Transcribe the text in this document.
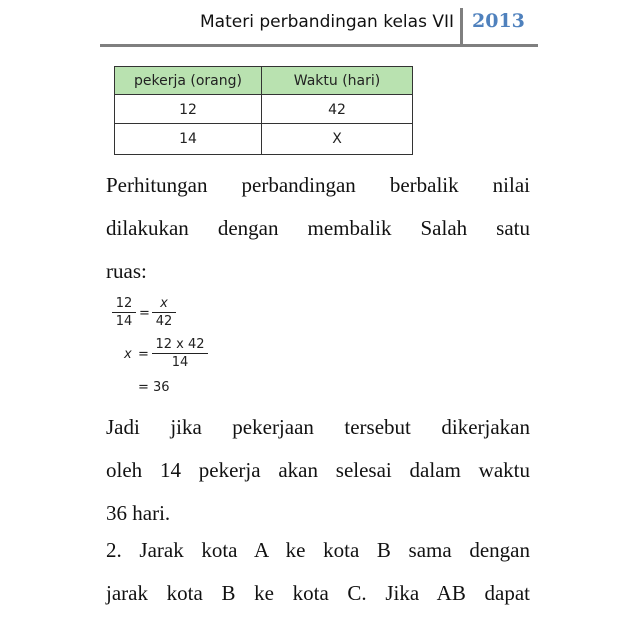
Materi perbandingan kelas VII 2013
pekerja (orang)	Waktu (hari)
12	42
14	X
Perhitungan perbandingan berbalik nilai
dilakukan dengan membalik Salah satu
ruas:
12
14
=
x
42
x =
12 x 42
14
= 36
Jadi jika pekerjaan tersebut dikerjakan
oleh 14 pekerja akan selesai dalam waktu
36 hari.
2. Jarak kota A ke kota B sama dengan
jarak kota B ke kota C. Jika AB dapat
